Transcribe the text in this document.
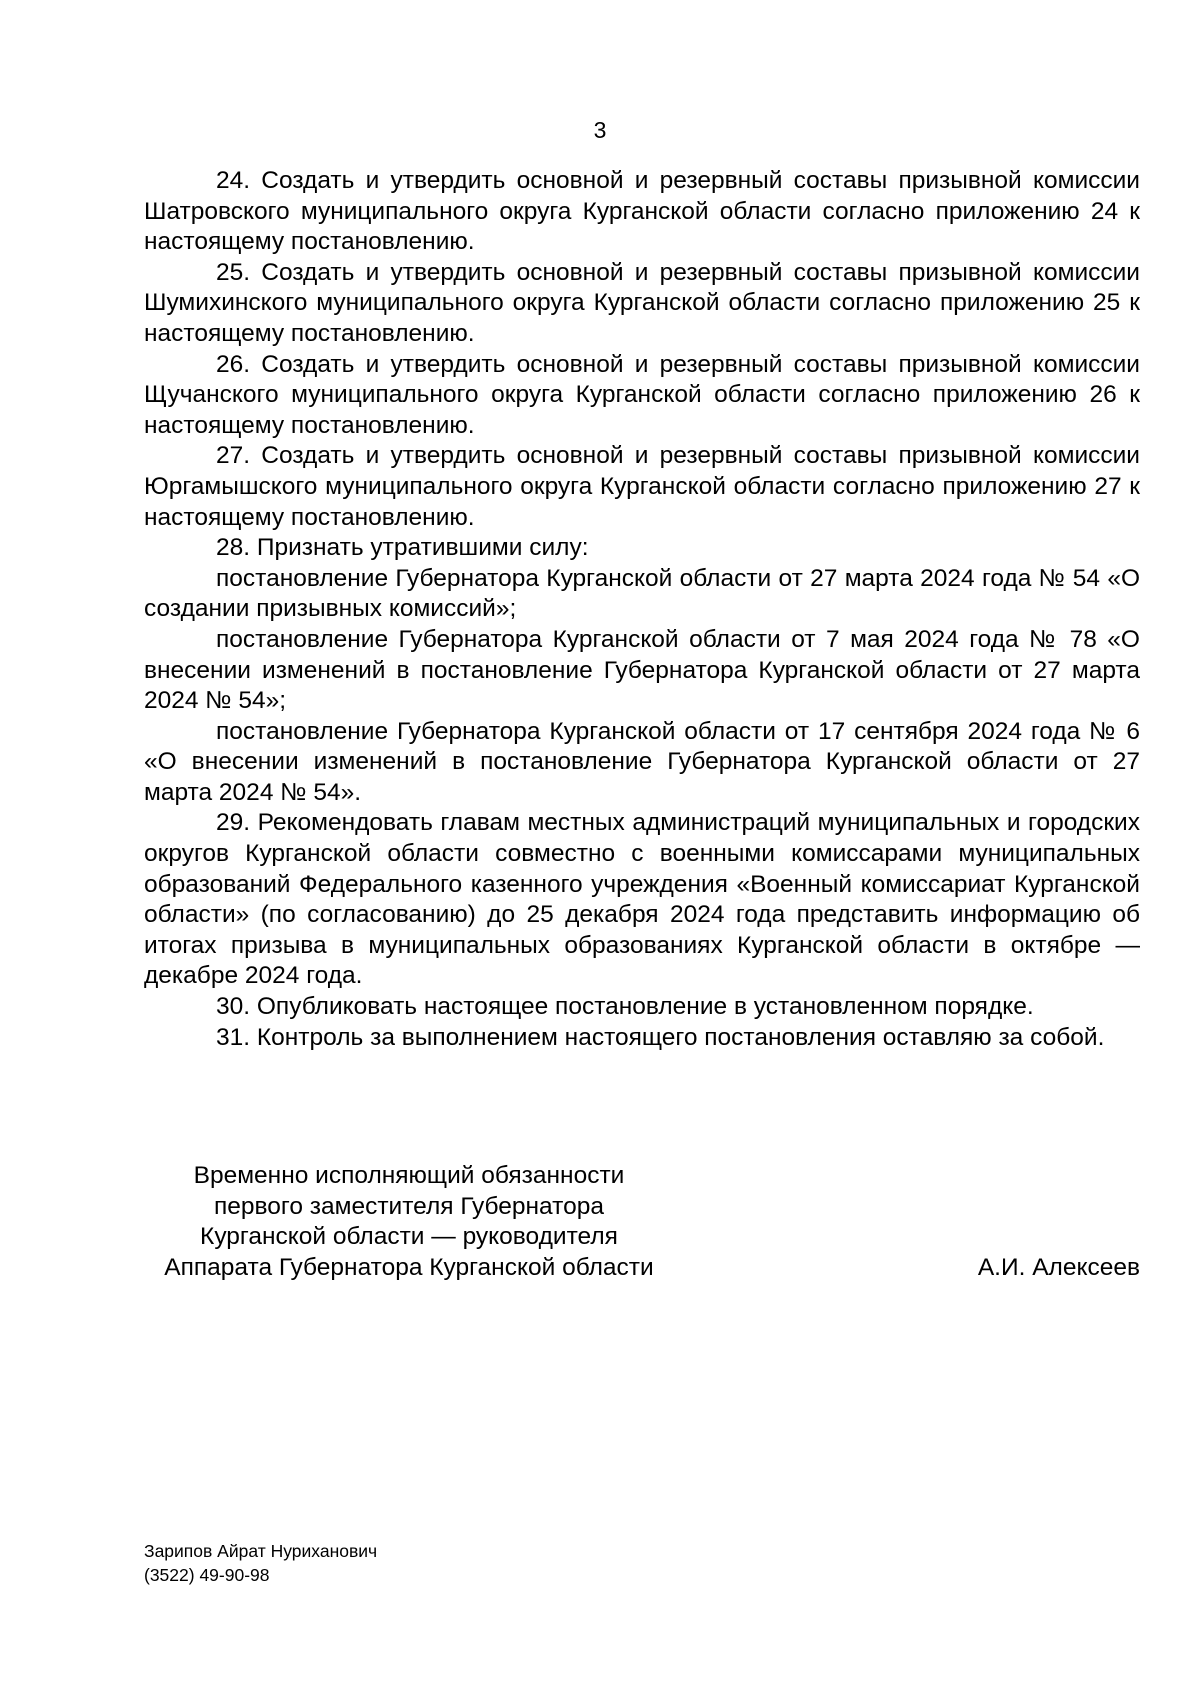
3

24. Создать и утвердить основной и резервный составы призывной комиссии Шатровского муниципального округа Курганской области согласно приложению 24 к настоящему постановлению.

25. Создать и утвердить основной и резервный составы призывной комиссии Шумихинского муниципального округа Курганской области согласно приложению 25 к настоящему постановлению.

26. Создать и утвердить основной и резервный составы призывной комиссии Щучанского муниципального округа Курганской области согласно приложению 26 к настоящему постановлению.

27. Создать и утвердить основной и резервный составы призывной комиссии Юргамышского муниципального округа Курганской области согласно приложению 27 к настоящему постановлению.

28. Признать утратившими силу:

постановление Губернатора Курганской области от 27 марта 2024 года № 54 «О создании призывных комиссий»;

постановление Губернатора Курганской области от 7 мая 2024 года № 78 «О внесении изменений в постановление Губернатора Курганской области от 27 марта 2024 № 54»;

постановление Губернатора Курганской области от 17 сентября 2024 года № 6 «О внесении изменений в постановление Губернатора Курганской области от 27 марта 2024 № 54».

29. Рекомендовать главам местных администраций муниципальных и городских округов Курганской области совместно с военными комиссарами муниципальных образований Федерального казенного учреждения «Военный комиссариат Курганской области» (по согласованию) до 25 декабря 2024 года представить информацию об итогах призыва в муниципальных образованиях Курганской области в октябре — декабре 2024 года.

30. Опубликовать настоящее постановление в установленном порядке.

31. Контроль за выполнением настоящего постановления оставляю за собой.

Временно исполняющий обязанности
первого заместителя Губернатора
Курганской области — руководителя
Аппарата Губернатора Курганской области	А.И. Алексеев
Зарипов Айрат Нуриханович
(3522) 49-90-98
